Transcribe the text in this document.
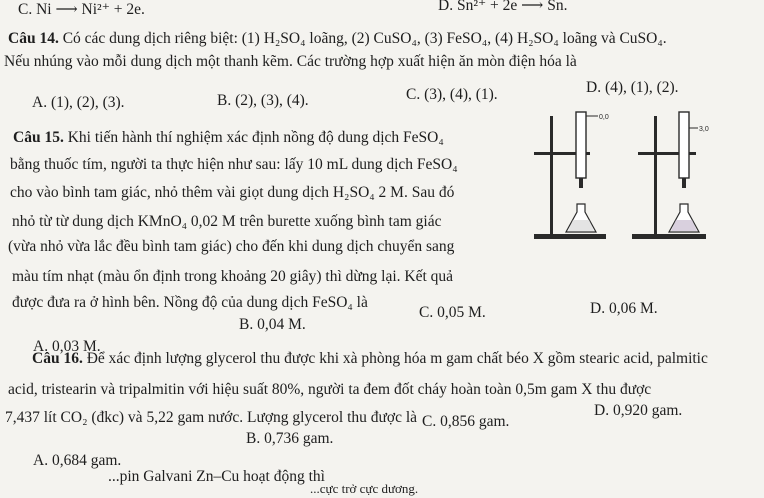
C. Ni ⟶ Ni²⁺ + 2e.	D. Sn²⁺ + 2e ⟶ Sn.
Câu 14. Có các dung dịch riêng biệt: (1) H₂SO₄ loãng, (2) CuSO₄, (3) FeSO₄, (4) H₂SO₄ loãng và CuSO₄.
Nếu nhúng vào mỗi dung dịch một thanh kẽm. Các trường hợp xuất hiện ăn mòn điện hóa là
A. (1), (2), (3).	B. (2), (3), (4).	C. (3), (4), (1).	D. (4), (1), (2).
Câu 15. Khi tiến hành thí nghiệm xác định nồng độ dung dịch FeSO₄
bằng thuốc tím, người ta thực hiện như sau: lấy 10 mL dung dịch FeSO₄
cho vào bình tam giác, nhỏ thêm vài giọt dung dịch H₂SO₄ 2 M. Sau đó
nhỏ từ từ dung dịch KMnO₄ 0,02 M trên burette xuống bình tam giác
(vừa nhỏ vừa lắc đều bình tam giác) cho đến khi dung dịch chuyển sang
màu tím nhạt (màu ổn định trong khoảng 20 giây) thì dừng lại. Kết quả
được đưa ra ở hình bên. Nồng độ của dung dịch FeSO₄ là
A. 0,03 M.
B. 0,04 M.
C. 0,05 M.	D. 0,06 M.
0,0
3,0
Câu 16. Để xác định lượng glycerol thu được khi xà phòng hóa m gam chất béo X gồm stearic acid, palmitic
acid, tristearin và tripalmitin với hiệu suất 80%, người ta đem đốt cháy hoàn toàn 0,5m gam X thu được
7,437 lít CO₂ (đkc) và 5,22 gam nước. Lượng glycerol thu được là
A. 0,684 gam.
B. 0,736 gam.
C. 0,856 gam.
D. 0,920 gam.
...pin Galvani Zn–Cu hoạt động thì
...cực trở cực dương.
